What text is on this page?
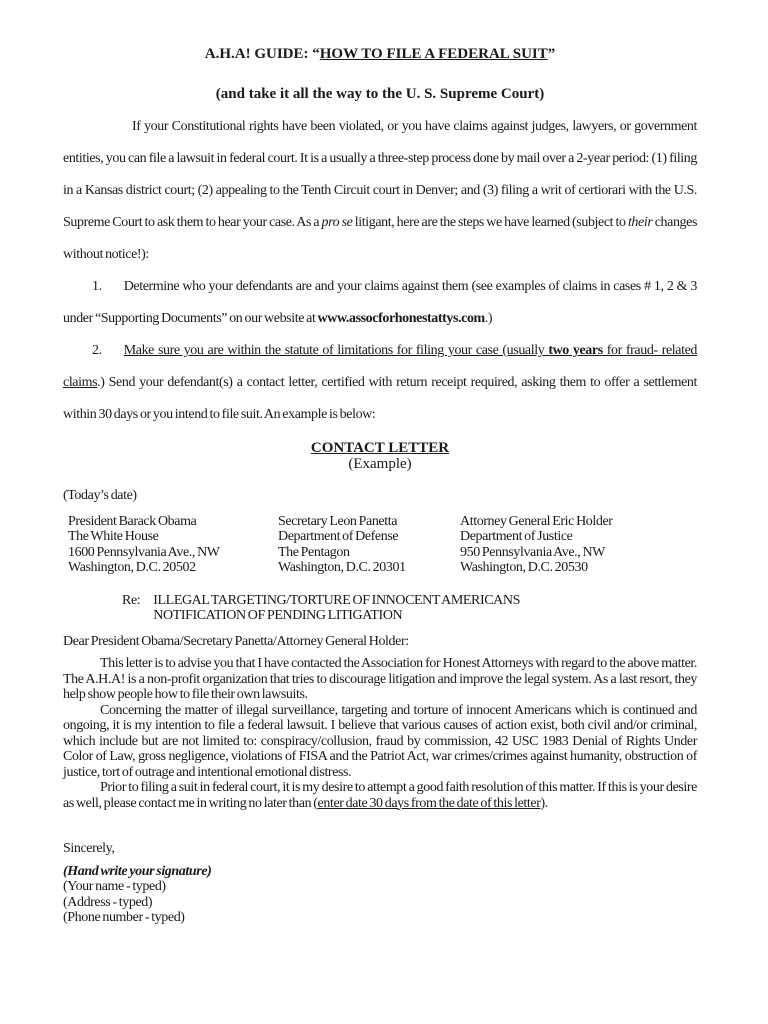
A.H.A! GUIDE: “HOW TO FILE A FEDERAL SUIT”

(and take it all the way to the U. S. Supreme Court)

If your Constitutional rights have been violated, or you have claims against judges, lawyers, or government entities, you can file a lawsuit in federal court. It is a usually a three-step process done by mail over a 2-year period: (1) filing in a Kansas district court; (2) appealing to the Tenth Circuit court in Denver; and (3) filing a writ of certiorari with the U.S. Supreme Court to ask them to hear your case. As a pro se litigant, here are the steps we have learned (subject to their changes without notice!):

1. Determine who your defendants are and your claims against them (see examples of claims in cases # 1, 2 & 3 under “Supporting Documents” on our website at www.assocforhonestattys.com.)

2. Make sure you are within the statute of limitations for filing your case (usually two years for fraud- related claims.) Send your defendant(s) a contact letter, certified with return receipt required, asking them to offer a settlement within 30 days or you intend to file suit. An example is below:

CONTACT LETTER
(Example)

(Today’s date)

President Barack Obama
The White House
1600 Pennsylvania Ave., NW
Washington, D.C. 20502
Secretary Leon Panetta
Department of Defense
The Pentagon
Washington, D.C. 20301
Attorney General Eric Holder
Department of Justice
950 Pennsylvania Ave., NW
Washington, D.C. 20530
Re: ILLEGAL TARGETING/TORTURE OF INNOCENT AMERICANS
NOTIFICATION OF PENDING LITIGATION

Dear President Obama/Secretary Panetta/Attorney General Holder:

This letter is to advise you that I have contacted the Association for Honest Attorneys with regard to the above matter. The A.H.A! is a non-profit organization that tries to discourage litigation and improve the legal system. As a last resort, they help show people how to file their own lawsuits.

Concerning the matter of illegal surveillance, targeting and torture of innocent Americans which is continued and ongoing, it is my intention to file a federal lawsuit. I believe that various causes of action exist, both civil and/or criminal, which include but are not limited to: conspiracy/collusion, fraud by commission, 42 USC 1983 Denial of Rights Under Color of Law, gross negligence, violations of FISA and the Patriot Act, war crimes/crimes against humanity, obstruction of justice, tort of outrage and intentional emotional distress.

Prior to filing a suit in federal court, it is my desire to attempt a good faith resolution of this matter. If this is your desire as well, please contact me in writing no later than (enter date 30 days from the date of this letter).

Sincerely,

(Hand write your signature)
(Your name - typed)
(Address - typed)
(Phone number - typed)
